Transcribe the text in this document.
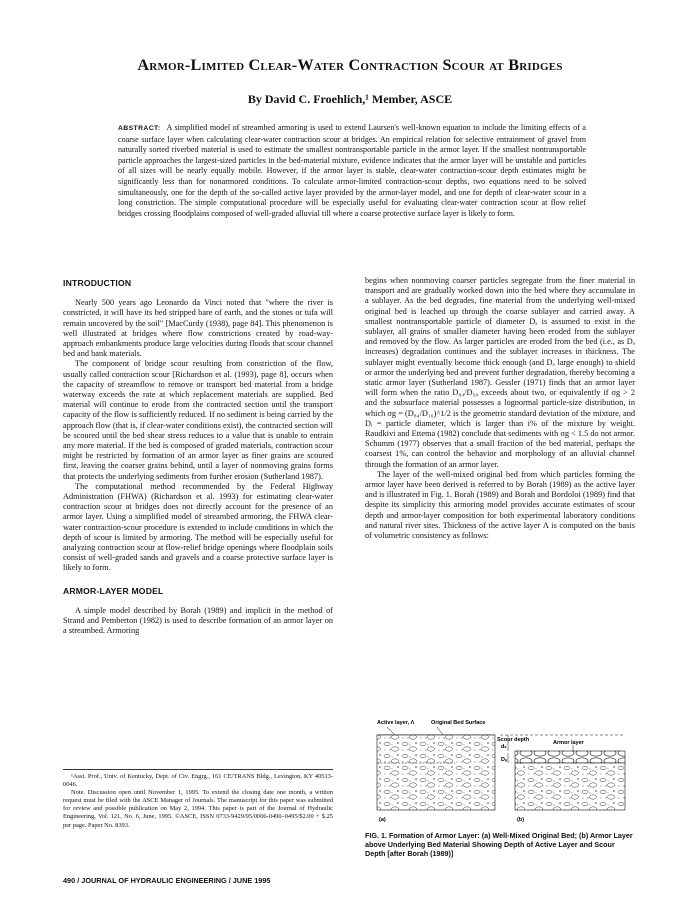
Armor-Limited Clear-Water Contraction Scour at Bridges
By David C. Froehlich,¹ Member, ASCE
ABSTRACT: A simplified model of streambed armoring is used to extend Laursen's well-known equation to include the limiting effects of a coarse surface layer when calculating clear-water contraction scour at bridges. An empirical relation for selective entrainment of gravel from naturally sorted riverbed material is used to estimate the smallest nontransportable particle in the armor layer. If the smallest nontransportable particle approaches the largest-sized particles in the bed-material mixture, evidence indicates that the armor layer will be unstable and particles of all sizes will be nearly equally mobile. However, if the armor layer is stable, clear-water contraction-scour depth estimates might be significantly less than for nonarmored conditions. To calculate armor-limited contraction-scour depths, two equations need to be solved simultaneously, one for the depth of the so-called active layer provided by the armor-layer model, and one for depth of clear-water scour in a long constriction. The simple computational procedure will be especially useful for evaluating clear-water contraction scour at flow relief bridges crossing floodplains composed of well-graded alluvial till where a coarse protective surface layer is likely to form.
INTRODUCTION

Nearly 500 years ago Leonardo da Vinci noted that "where the river is constricted, it will have its bed stripped bare of earth, and the stones or tufa will remain uncovered by the soil" [MacCurdy (1938), page 84]. This phenomenon is well illustrated at bridges where flow constrictions created by road-way-approach embankments produce large velocities during floods that scour channel bed and bank materials.

The component of bridge scour resulting from constriction of the flow, usually called contraction scour [Richardson et al. (1993), page 8], occurs when the capacity of streamflow to remove or transport bed material from a bridge waterway exceeds the rate at which replacement materials are supplied. Bed material will continue to erode from the contracted section until the transport capacity of the flow is sufficiently reduced. If no sediment is being carried by the approach flow (that is, if clear-water conditions exist), the contracted section will be scoured until the bed shear stress reduces to a value that is unable to entrain any more material. If the bed is composed of graded materials, contraction scour might be restricted by formation of an armor layer as finer grains are scoured first, leaving the coarser grains behind, until a layer of nonmoving grains forms that protects the underlying sediments from further erosion (Sutherland 1987).

The computational method recommended by the Federal Highway Administration (FHWA) (Richardson et al. 1993) for estimating clear-water contraction scour at bridges does not directly account for the presence of an armor layer. Using a simplified model of streambed armoring, the FHWA clear-water contraction-scour procedure is extended to include conditions in which the depth of scour is limited by armoring. The method will be especially useful for analyzing contraction scour at flow-relief bridge openings where floodplain soils consist of well-graded sands and gravels and a coarse protective surface layer is likely to form.

ARMOR-LAYER MODEL

A simple model described by Borah (1989) and implicit in the method of Strand and Pemberton (1982) is used to describe formation of an armor layer on a streambed. Armoring

¹Asst. Prof., Univ. of Kentucky, Dept. of Civ. Engrg., 161 CE/TRANS Bldg., Lexington, KY 40513-0046.

Note. Discussion open until November 1, 1995. To extend the closing date one month, a written request must be filed with the ASCE Manager of Journals. The manuscript for this paper was submitted for review and possible publication on May 2, 1994. This paper is part of the Journal of Hydraulic Engineering, Vol. 121, No. 6, June, 1995. ©ASCE, ISSN 0733-9429/95/0006-0490–0495/$2.00 + $.25 per page. Paper No. 8393.

begins when nonmoving coarser particles segregate from the finer material in transport and are gradually worked down into the bed where they accumulate in a sublayer. As the bed degrades, fine material from the underlying well-mixed original bed is leached up through the coarse sublayer and carried away. A smallest nontransportable particle of diameter Dₐ is assumed to exist in the sublayer, all grains of smaller diameter having been eroded from the sublayer and removed by the flow. As larger particles are eroded from the bed (i.e., as Dₐ increases) degradation continues and the sublayer increases in thickness. The sublayer might eventually become thick enough (and Dₐ large enough) to shield or armor the underlying bed and prevent further degradation, thereby becoming a static armor layer (Sutherland 1987). Gessler (1971) finds that an armor layer will form when the ratio D₈₄/D₅₀ exceeds about two, or equivalently if σg > 2 and the subsurface material possesses a lognormal particle-size distribution, in which σg = (D₈₄/D₁₆)^1/2 is the geometric standard deviation of the mixture, and Dᵢ = particle diameter, which is larger than i% of the mixture by weight. Raudkivi and Ettema (1982) conclude that sediments with σg < 1.5 do not armor. Schumm (1977) observes that a small fraction of the bed material, perhaps the coarsest 1%, can control the behavior and morphology of an alluvial channel through the formation of an armor layer.

The layer of the well-mixed original bed from which particles forming the armor layer have been derived is referred to by Borah (1989) as the active layer and is illustrated in Fig. 1. Borah (1989) and Borah and Bordoloi (1989) find that despite its simplicity this armoring model provides accurate estimates of scour depth and armor-layer composition for both experimental laboratory conditions and natural river sites. Thickness of the active layer Λ is computed on the basis of volumetric consistency as follows:

Active layer, Λ	Original Bed Surface
Scour depth
dₛ
Armor layer
Dₐ
(a)	(b)
FIG. 1. Formation of Armor Layer: (a) Well-Mixed Original Bed; (b) Armor Layer above Underlying Bed Material Showing Depth of Active Layer and Scour Depth [after Borah (1989)]
490 / JOURNAL OF HYDRAULIC ENGINEERING / JUNE 1995
